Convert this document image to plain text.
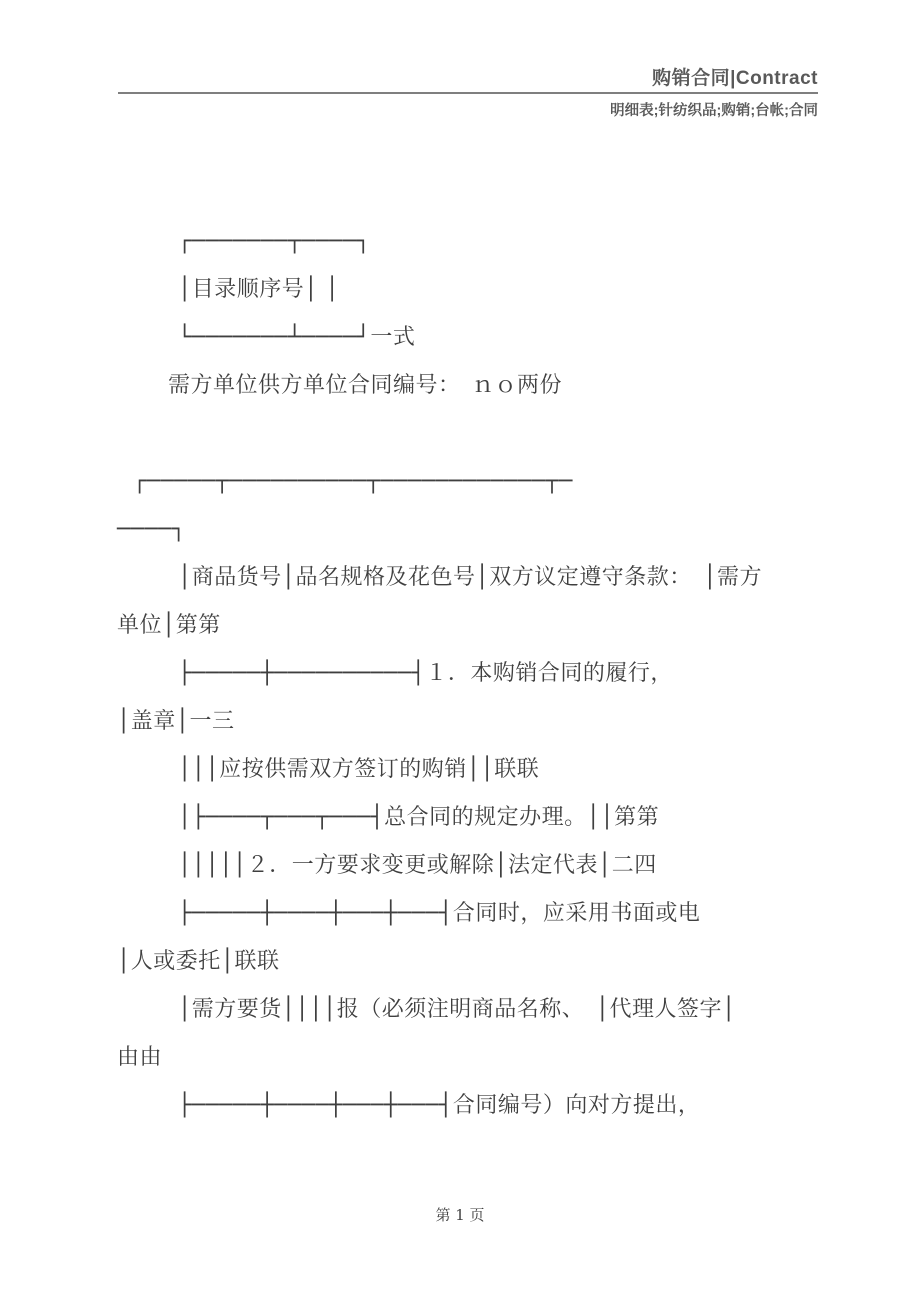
购销合同|Contract
明细表;针纺织品;购销;台帐;合同
┌───────┬────┐
│目录顺序号│ │
└───────┴────┘一式
需方单位供方单位合同编号：　ｎｏ两份
┌─────┬──────────┬────────────┬─
────┐
│商品货号│品名规格及花色号│双方议定遵守条款：　│需方
单位│第第
├─────┼──────────┤１．本购销合同的履行，
│盖章│一三
│││应按供需双方签订的购销││联联
│├────┬───┬───┤总合同的规定办理。││第第
│││││２．一方要求变更或解除│法定代表│二四
├─────┼────┼───┼───┤合同时，应采用书面或电
│人或委托│联联
│需方要货││││报（必须注明商品名称、　│代理人签字│
由由
├─────┼────┼───┼───┤合同编号）向对方提出，
第 1 页
